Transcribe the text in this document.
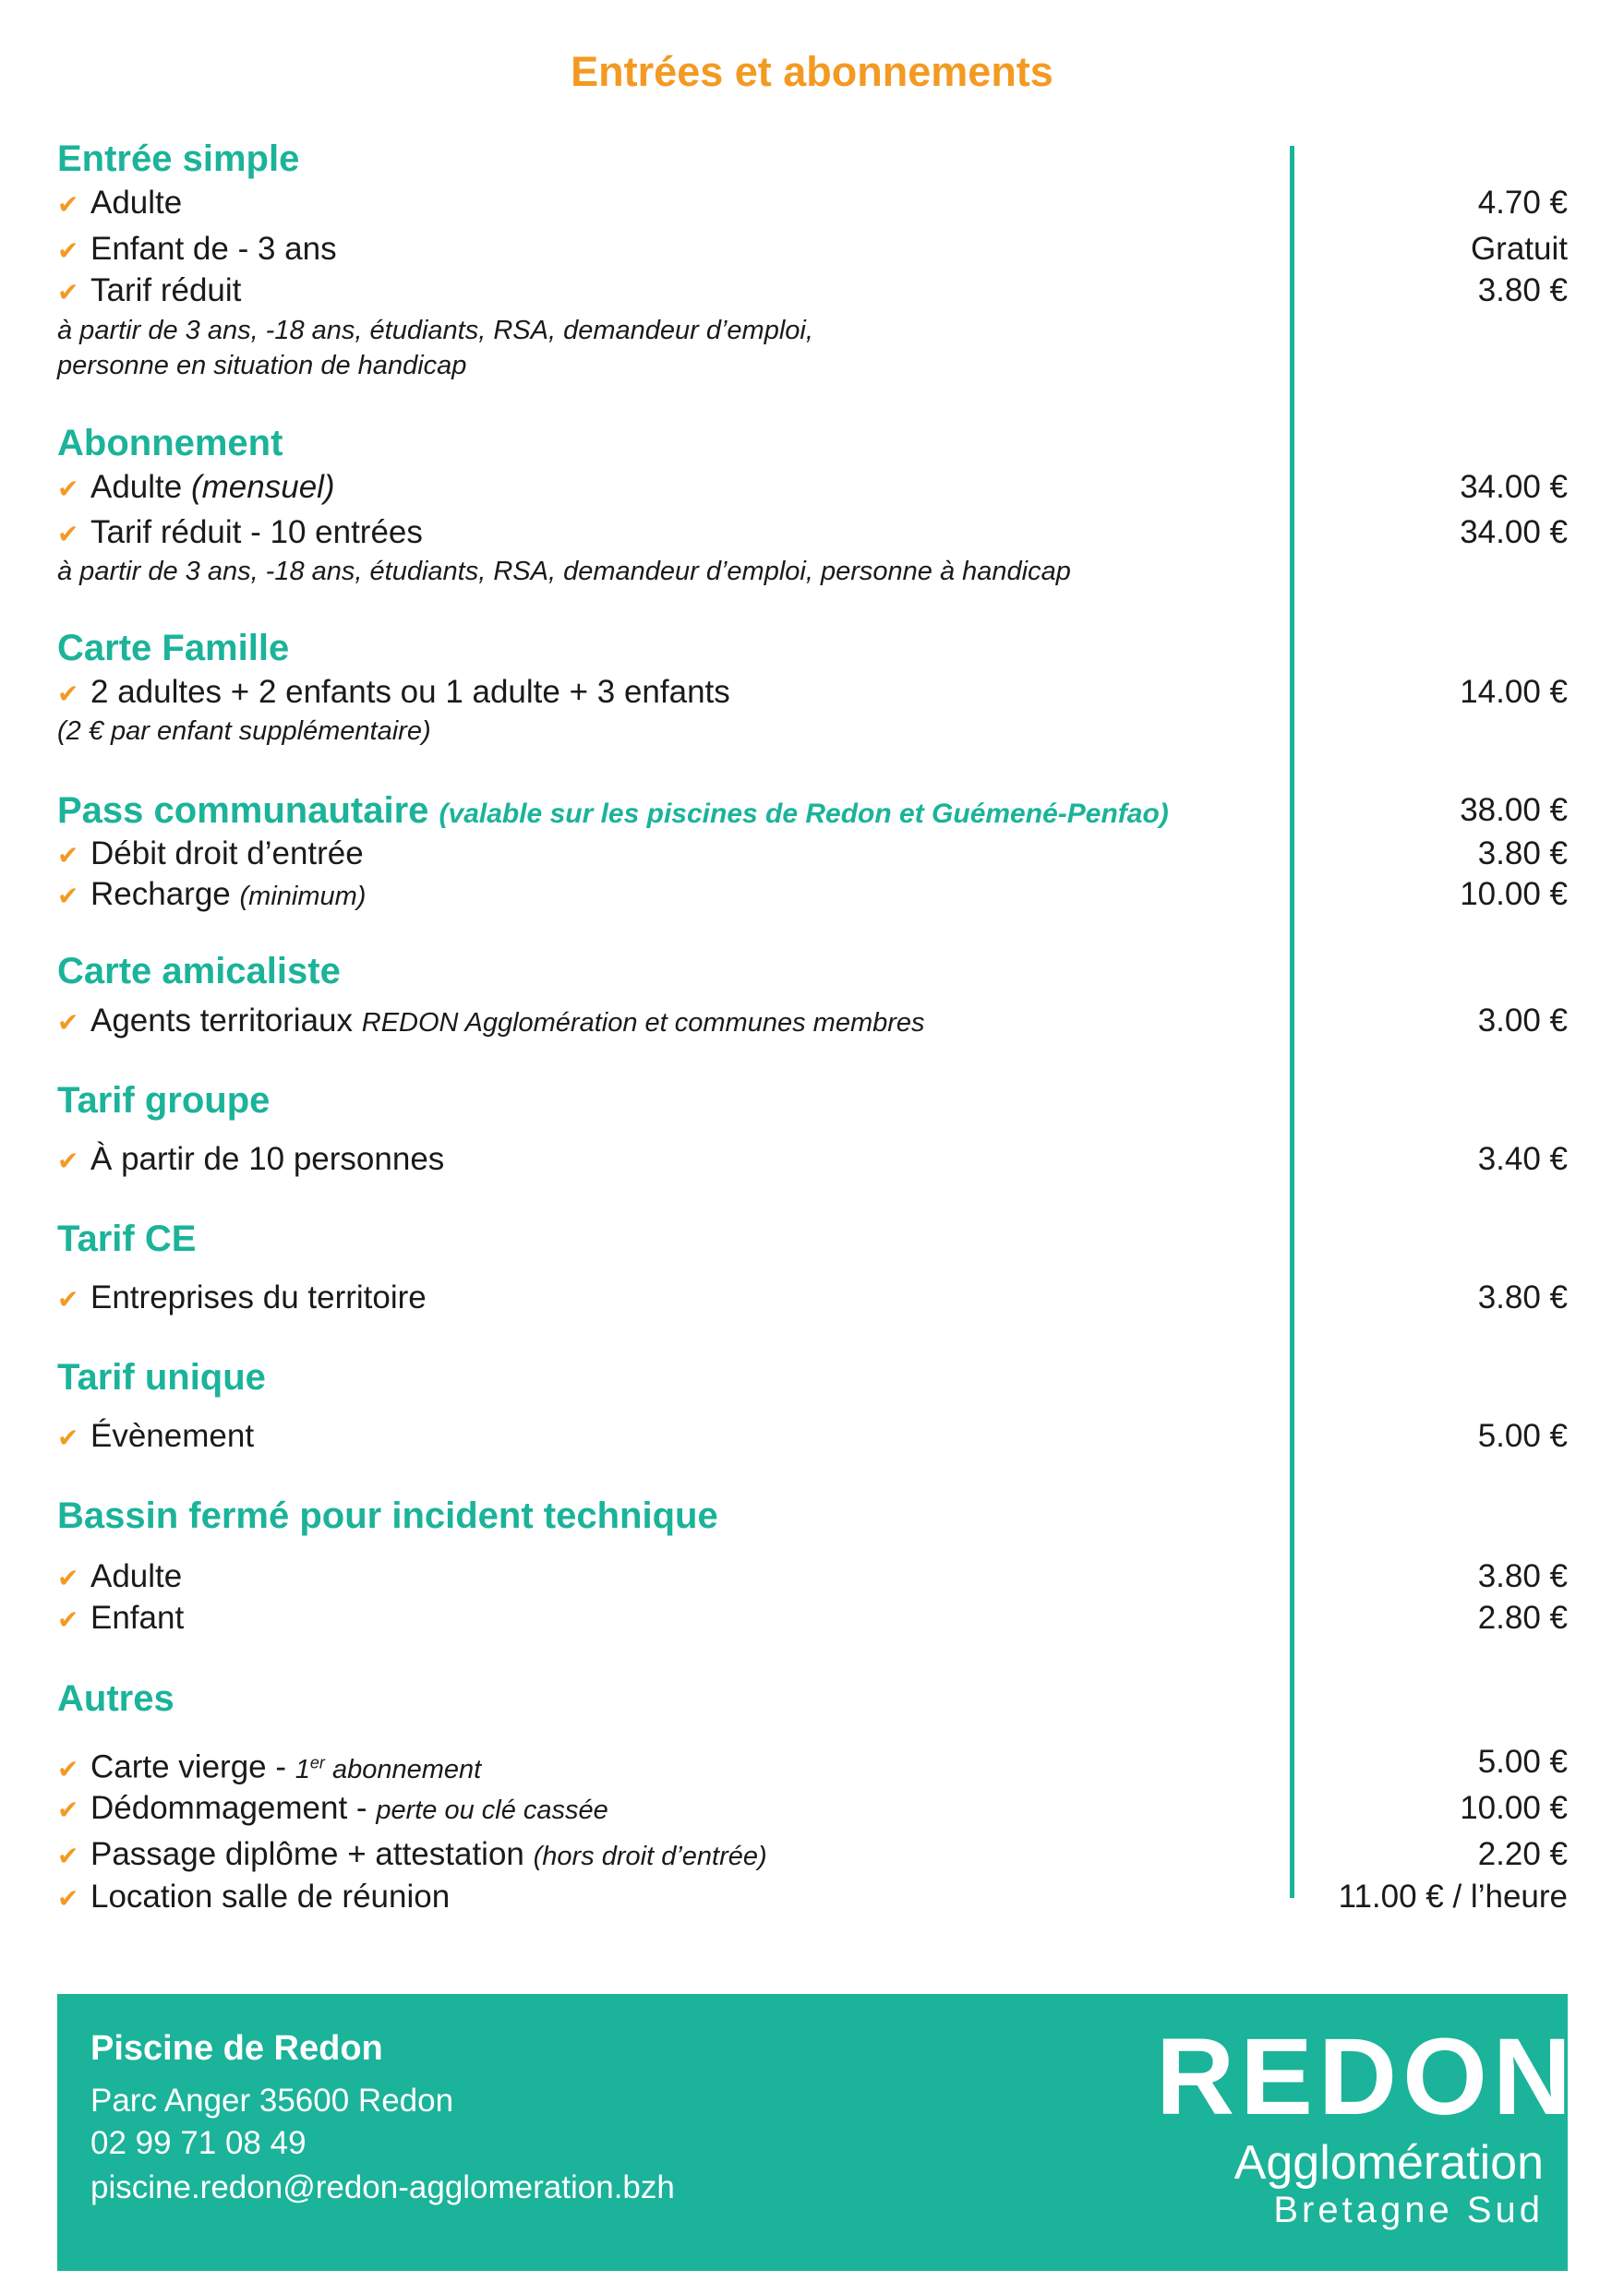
Entrées et abonnements
Entrée simple
✔ Adulte	4.70 €
✔ Enfant de - 3 ans	Gratuit
✔ Tarif réduit	3.80 €
à partir de 3 ans, -18 ans, étudiants, RSA, demandeur d’emploi,
personne en situation de handicap
Abonnement
✔ Adulte (mensuel)	34.00 €
✔ Tarif réduit - 10 entrées	34.00 €
à partir de 3 ans, -18 ans, étudiants, RSA, demandeur d’emploi, personne à handicap
Carte Famille
✔ 2 adultes + 2 enfants ou 1 adulte + 3 enfants	14.00 €
(2 € par enfant supplémentaire)
Pass communautaire (valable sur les piscines de Redon et Guémené-Penfao)	38.00 €
✔ Débit droit d’entrée	3.80 €
✔ Recharge (minimum)	10.00 €
Carte amicaliste
✔ Agents territoriaux REDON Agglomération et communes membres	3.00 €
Tarif groupe
✔ À partir de 10 personnes	3.40 €
Tarif CE
✔ Entreprises du territoire	3.80 €
Tarif unique
✔ Évènement	5.00 €
Bassin fermé pour incident technique
✔ Adulte	3.80 €
✔ Enfant	2.80 €
Autres
✔ Carte vierge - 1er abonnement	5.00 €
✔ Dédommagement - perte ou clé cassée	10.00 €
✔ Passage diplôme + attestation (hors droit d’entrée)	2.20 €
✔ Location salle de réunion	11.00 € / l’heure
Piscine de Redon
Parc Anger 35600 Redon
02 99 71 08 49
piscine.redon@redon-agglomeration.bzh
REDON
Agglomération
Bretagne Sud
